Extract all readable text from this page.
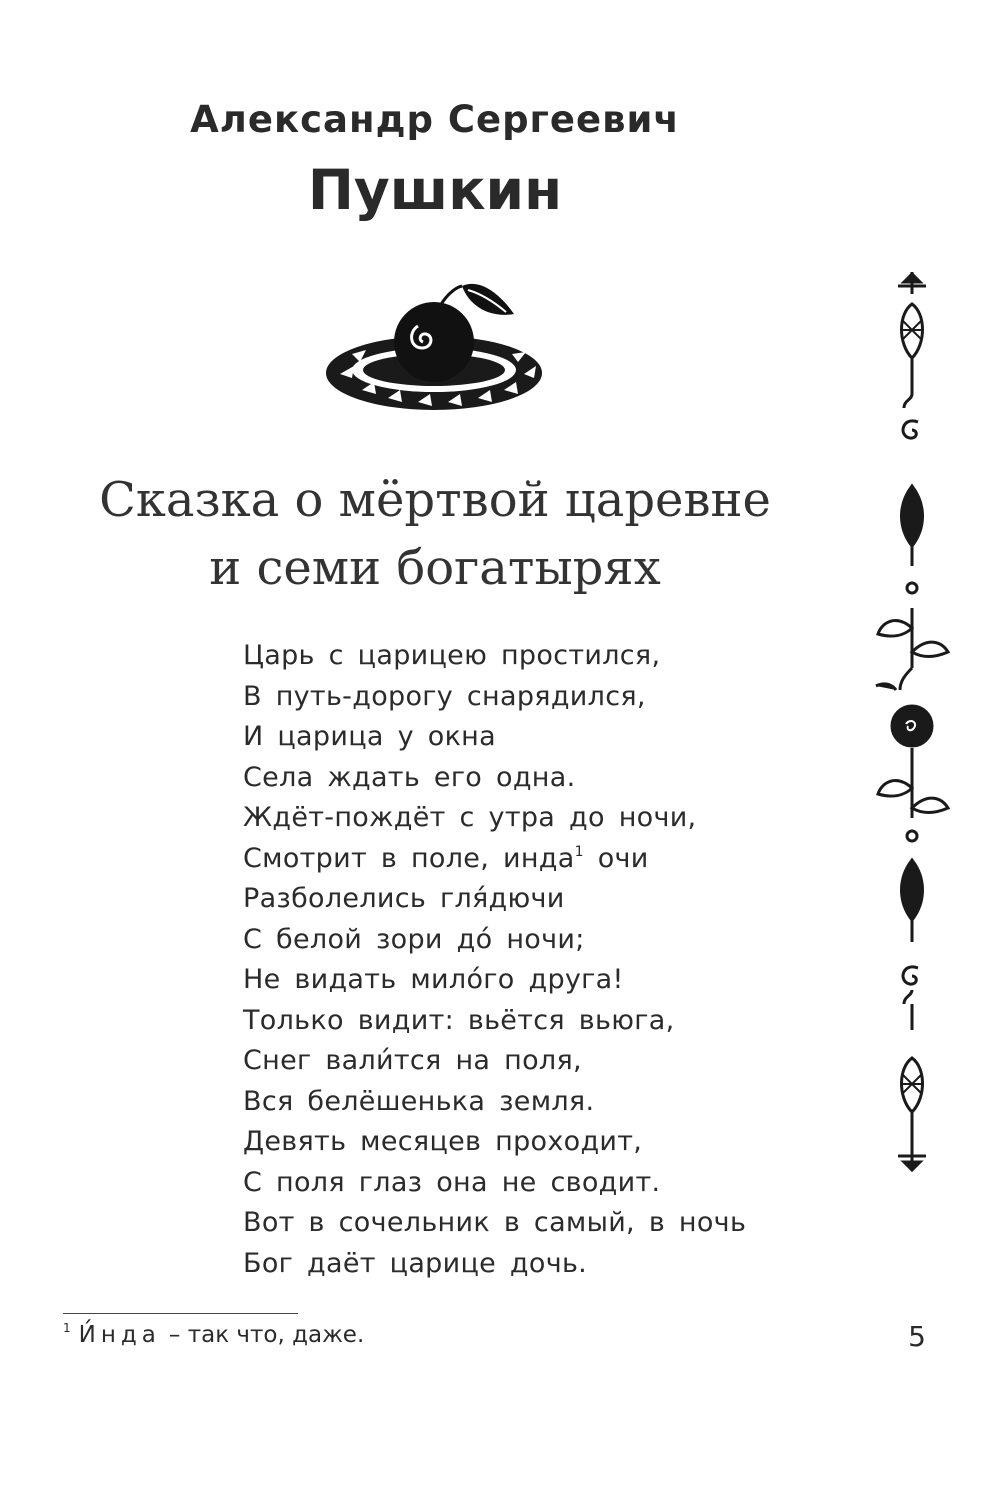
Александр Сергеевич
Пушкин
Сказка о мёртвой царевне
и семи богатырях
Царь с царицею простился,
В путь-дорогу снарядился,
И царица у окна
Села ждать его одна.
Ждёт-пождёт с утра до ночи,
Смотрит в поле, инда$^1$ очи
Разболелись гля́дючи
С белой зори до́ ночи;
Не видать мило́го друга!
Только видит: вьётся вьюга,
Снег вали́тся на поля,
Вся белёшенька земля.
Девять месяцев проходит,
С поля глаз она не сводит.
Вот в сочельник в самый, в ночь
Бог даёт царице дочь.
$^1$ И́нда – так что, даже.	5
